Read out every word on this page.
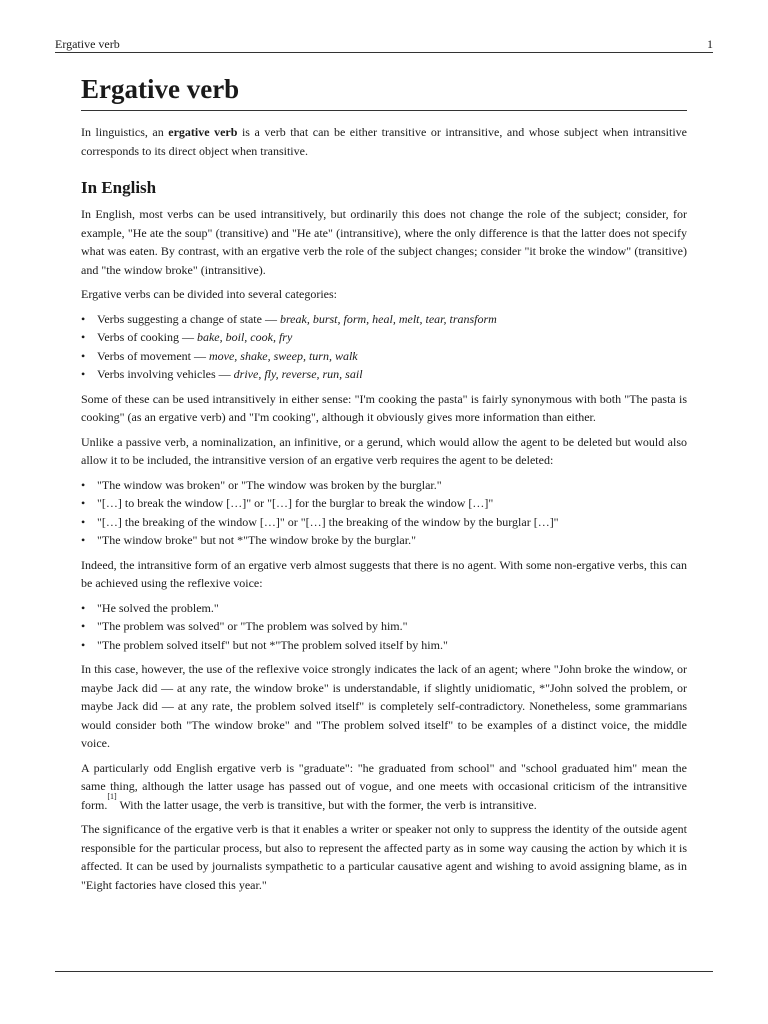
Ergative verb	1
Ergative verb

In linguistics, an ergative verb is a verb that can be either transitive or intransitive, and whose subject when intransitive corresponds to its direct object when transitive.

In English

In English, most verbs can be used intransitively, but ordinarily this does not change the role of the subject; consider, for example, "He ate the soup" (transitive) and "He ate" (intransitive), where the only difference is that the latter does not specify what was eaten. By contrast, with an ergative verb the role of the subject changes; consider "it broke the window" (transitive) and "the window broke" (intransitive).

Ergative verbs can be divided into several categories:

• Verbs suggesting a change of state — break, burst, form, heal, melt, tear, transform
• Verbs of cooking — bake, boil, cook, fry
• Verbs of movement — move, shake, sweep, turn, walk
• Verbs involving vehicles — drive, fly, reverse, run, sail

Some of these can be used intransitively in either sense: "I'm cooking the pasta" is fairly synonymous with both "The pasta is cooking" (as an ergative verb) and "I'm cooking", although it obviously gives more information than either.

Unlike a passive verb, a nominalization, an infinitive, or a gerund, which would allow the agent to be deleted but would also allow it to be included, the intransitive version of an ergative verb requires the agent to be deleted:

• "The window was broken" or "The window was broken by the burglar."
• "[…] to break the window […]" or "[…] for the burglar to break the window […]"
• "[…] the breaking of the window […]" or "[…] the breaking of the window by the burglar […]"
• "The window broke" but not *"The window broke by the burglar."

Indeed, the intransitive form of an ergative verb almost suggests that there is no agent. With some non-ergative verbs, this can be achieved using the reflexive voice:

• "He solved the problem."
• "The problem was solved" or "The problem was solved by him."
• "The problem solved itself" but not *"The problem solved itself by him."

In this case, however, the use of the reflexive voice strongly indicates the lack of an agent; where "John broke the window, or maybe Jack did — at any rate, the window broke" is understandable, if slightly unidiomatic, *"John solved the problem, or maybe Jack did — at any rate, the problem solved itself" is completely self-contradictory. Nonetheless, some grammarians would consider both "The window broke" and "The problem solved itself" to be examples of a distinct voice, the middle voice.

A particularly odd English ergative verb is "graduate": "he graduated from school" and "school graduated him" mean the same thing, although the latter usage has passed out of vogue, and one meets with occasional criticism of the intransitive form.[1] With the latter usage, the verb is transitive, but with the former, the verb is intransitive.

The significance of the ergative verb is that it enables a writer or speaker not only to suppress the identity of the outside agent responsible for the particular process, but also to represent the affected party as in some way causing the action by which it is affected. It can be used by journalists sympathetic to a particular causative agent and wishing to avoid assigning blame, as in "Eight factories have closed this year."
